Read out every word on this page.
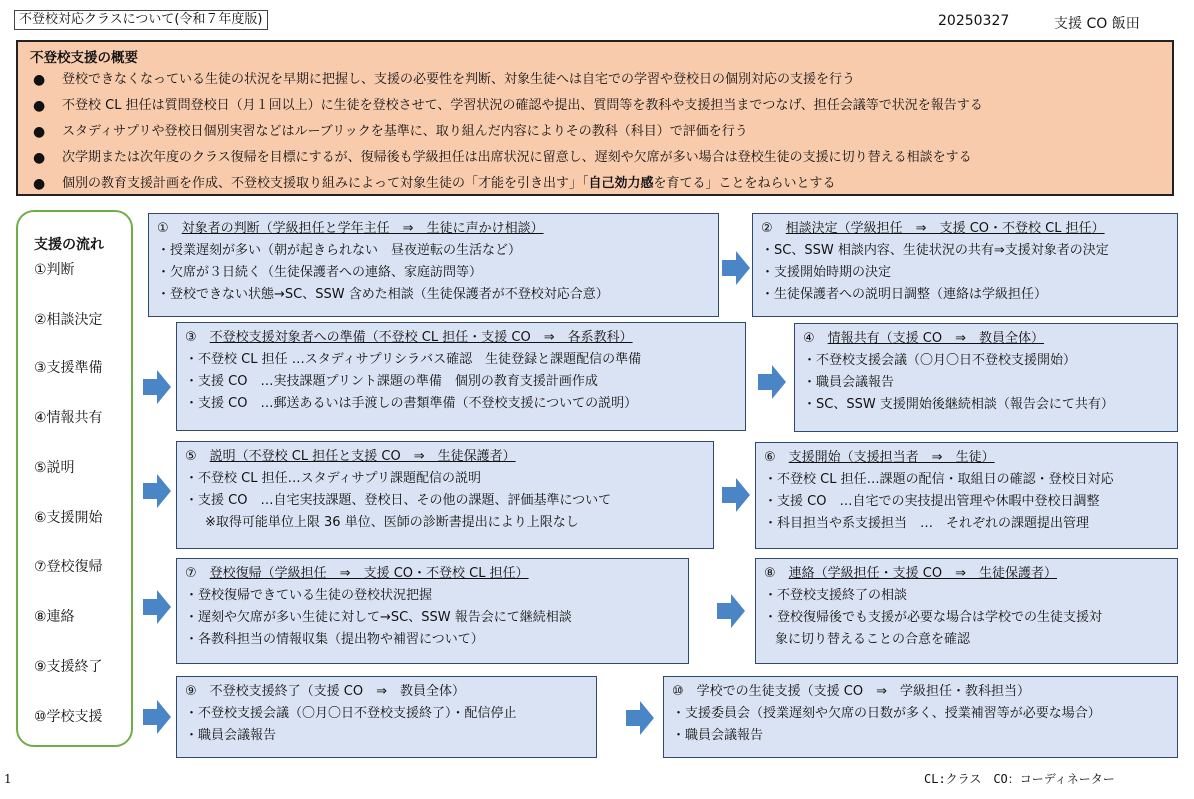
不登校対応クラスについて(令和７年度版)	20250327	支援 CO 飯田
不登校支援の概要
● 登校できなくなっている生徒の状況を早期に把握し、支援の必要性を判断、対象生徒へは自宅での学習や登校日の個別対応の支援を行う
● 不登校 CL 担任は質問登校日（月１回以上）に生徒を登校させて、学習状況の確認や提出、質問等を教科や支援担当までつなげ、担任会議等で状況を報告する
● スタディサプリや登校日個別実習などはルーブリックを基準に、取り組んだ内容によりその教科（科目）で評価を行う
● 次学期または次年度のクラス復帰を目標にするが、復帰後も学級担任は出席状況に留意し、遅刻や欠席が多い場合は登校生徒の支援に切り替える相談をする
● 個別の教育支援計画を作成、不登校支援取り組みによって対象生徒の「才能を引き出す」「自己効力感を育てる」ことをねらいとする
支援の流れ
①判断
②相談決定
③支援準備
④情報共有
⑤説明
⑥支援開始
⑦登校復帰
⑧連絡
⑨支援終了
⑩学校支援
①　 対象者の判断（学級担任と学年主任　⇒　生徒に声かけ相談）
・授業遅刻が多い（朝が起きられない　昼夜逆転の生活など）
・欠席が３日続く（生徒保護者への連絡、家庭訪問等）
・登校できない状態→SC、SSW 含めた相談（生徒保護者が不登校対応合意）
②　 相談決定（学級担任　⇒　支援 CO・不登校 CL 担任）
・SC、SSW 相談内容、生徒状況の共有⇒支援対象者の決定
・支援開始時期の決定
・生徒保護者への説明日調整（連絡は学級担任）
③　 不登校支援対象者への準備（不登校 CL 担任・支援 CO　⇒　各系教科）
・不登校 CL 担任 …スタディサプリシラバス確認　生徒登録と課題配信の準備
・支援 CO　…実技課題プリント課題の準備　個別の教育支援計画作成
・支援 CO　…郵送あるいは手渡しの書類準備（不登校支援についての説明）
④　 情報共有（支援 CO　⇒　教員全体）
・不登校支援会議（〇月〇日不登校支援開始）
・職員会議報告
・SC、SSW 支援開始後継続相談（報告会にて共有）
⑤　 説明（不登校 CL 担任と支援 CO　⇒　生徒保護者）
・不登校 CL 担任…スタディサプリ課題配信の説明
・支援 CO　…自宅実技課題、登校日、その他の課題、評価基準について
※取得可能単位上限 36 単位、医師の診断書提出により上限なし
⑥　 支援開始（支援担当者　⇒　生徒）
・不登校 CL 担任…課題の配信・取組日の確認・登校日対応
・支援 CO　…自宅での実技提出管理や休暇中登校日調整
・科目担当や系支援担当　…　それぞれの課題提出管理
⑦　 登校復帰（学級担任　⇒　支援 CO・不登校 CL 担任）
・登校復帰できている生徒の登校状況把握
・遅刻や欠席が多い生徒に対して→SC、SSW 報告会にて継続相談
・各教科担当の情報収集（提出物や補習について）
⑧　 連絡（学級担任・支援 CO　⇒　生徒保護者）
・不登校支援終了の相談
・登校復帰後でも支援が必要な場合は学校での生徒支援対
象に切り替えることの合意を確認
⑨　 不登校支援終了（支援 CO　⇒　教員全体）
・不登校支援会議（〇月〇日不登校支援終了）・配信停止
・職員会議報告
⑩　 学校での生徒支援（支援 CO　⇒　学級担任・教科担当）
・支援委員会（授業遅刻や欠席の日数が多く、授業補習等が必要な場合）
・職員会議報告
1	CL:クラス　CO：コーディネーター
